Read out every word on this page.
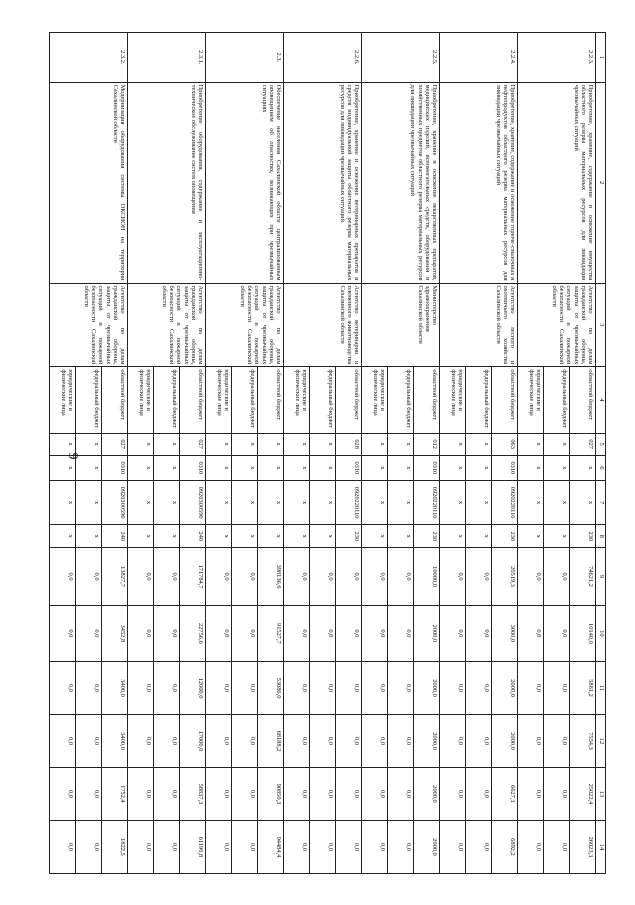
9
1	2	3	4	5	6	7	8	9	10	11	12	13	14
2.2.3.	Приобретение, хранение, содержание и освежение имущества областного резерва материальных ресурсов для ликвидации чрезвычайных ситуаций	Агентство по делам гражданской обороны, защиты от чрезвычайных ситуаций и пожарной безопасности Сахалинской области	областной бюджет	027	х	х	230	74621,2	10140,0	5881,2	7554,3	25022,4	26023,3
			федеральный бюджет	х	х	х	х	0,0	0,0	0,0	0,0	0,0	0,0
			юридические и физические лица	х	х	х	х	0,0	0,0	0,0	0,0	0,0	0,0
2.2.4.	Приобретение, хранение, содержание и освежение горюче-смазочных и нефтепродуктов областного резерва материальных ресурсов для ликвидации чрезвычайных ситуаций	Агентство лесного и охотничьего хозяйства Сахалинской области	областной бюджет	063	0310	0920220110	230	20519,3	3000,0	2000,0	2000,0	6627,1	6892,2
			федеральный бюджет	х	х	х	х	0,0	0,0	0,0	0,0	0,0	0,0
			юридические и физические лица	х	х	х	х	0,0	0,0	0,0	0,0	0,0	0,0
2.2.5.	Приобретение, хранение и освежение лекарственных препаратов, медицинских изделий, вспомогательных средств, оборудования и хозяйственных предметов областного резерва материальных ресурсов для ликвидации чрезвычайных ситуаций	Министерство здравоохранения Сахалинской области	областной бюджет	012	0310	0920220110	230	10000,0	2000,0	2000,0	2000,0	2000,0	2000,0
			федеральный бюджет	х	х	х	х	0,0	0,0	0,0	0,0	0,0	0,0
			юридические и физические лица	х	х	х	х	0,0	0,0	0,0	0,0	0,0	0,0
2.2.6.	Приобретение, хранение и освежение ветеринарных препаратов и средств индивидуальной защиты областного резерва материальных ресурсов для ликвидации чрезвычайных ситуаций	Агентство ветеринарии и племенного животноводства Сахалинской области	областной бюджет	028	0310	0920220110	230	0,0	0,0	0,0	0,0	0,0	0,0
			федеральный бюджет	х	х	х	х	0,0	0,0	0,0	0,0	0,0	0,0
			юридические и физические лица	х	х	х	х	0,0	0,0	0,0	0,0	0,0	0,0
2.3.	Обеспечение населения Сахалинской области централизованным оповещением об опасностях, возникающих при чрезвычайных ситуациях	Агентство по делам гражданской обороны, защиты от чрезвычайных ситуаций и пожарной безопасности Сахалинской области	областной бюджет	х	х	х	х	398136,6	91527,7	53086,0	68188,2	90850,3	94484,4
			федеральный бюджет	х	х	х	х	0,0	0,0	0,0	0,0	0,0	0,0
			юридические и физические лица	х	х	х	х	0,0	0,0	0,0	0,0	0,0	0,0
2.3.1.	Приобретение оборудования, содержание и эксплуатационно-техническое обслуживание систем оповещения	Агентство по делам гражданской обороны, защиты от чрезвычайных ситуаций и пожарной безопасности Сахалинской области	областной бюджет	027	0310	0920300590	240	171784,7	22756,6	12000,0	17000,0	58837,3	61190,8
			федеральный бюджет	х	х	х	х	0,0	0,0	0,0	0,0	0,0	0,0
			юридические и физические лица	х	х	х	х	0,0	0,0	0,0	0,0	0,0	0,0
2.3.2.	Модернизация оборудования системы ОКСИОН на территории Сахалинской области	Агентство по делам гражданской обороны, защиты от чрезвычайных ситуаций и пожарной безопасности Сахалинской области	областной бюджет	027	0310	0920300590	240	13827,7	3452,8	3400,0	3400,0	1752,4	1822,5
			федеральный бюджет	х	х	х	х	0,0	0,0	0,0	0,0	0,0	0,0
			юридические и физические лица	х	х	х	х	0,0	0,0	0,0	0,0	0,0	0,0
